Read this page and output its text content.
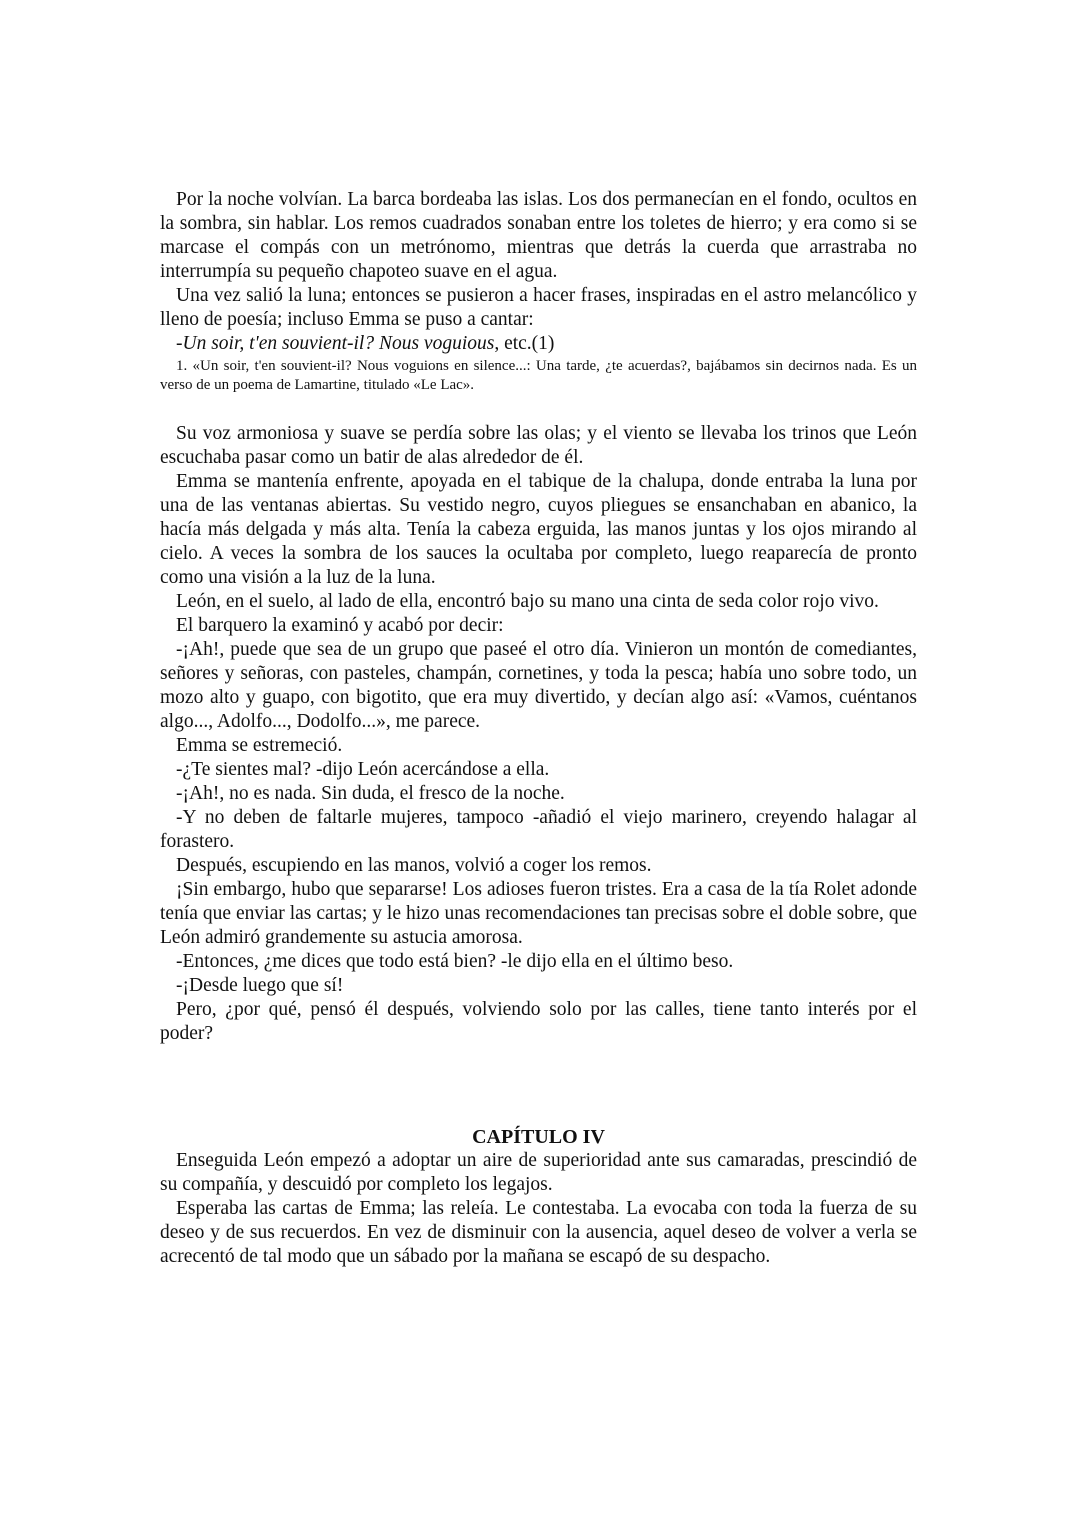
Por la noche volvían. La barca bordeaba las islas. Los dos permanecían en el fondo, ocultos en la sombra, sin hablar. Los remos cuadrados sonaban entre los toletes de hierro; y era como si se marcase el compás con un metrónomo, mientras que detrás la cuerda que arrastraba no interrumpía su pequeño chapoteo suave en el agua.

Una vez salió la luna; entonces se pusieron a hacer frases, inspiradas en el astro melancólico y lleno de poesía; incluso Emma se puso a cantar:

-Un soir, t'en souvient-il? Nous voguious, etc.(1)

1. «Un soir, t'en souvient-il? Nous voguions en silence...: Una tarde, ¿te acuerdas?, bajábamos sin decirnos nada. Es un verso de un poema de Lamartine, titulado «Le Lac».

Su voz armoniosa y suave se perdía sobre las olas; y el viento se llevaba los trinos que León escuchaba pasar como un batir de alas alrededor de él.

Emma se mantenía enfrente, apoyada en el tabique de la chalupa, donde entraba la luna por una de las ventanas abiertas. Su vestido negro, cuyos pliegues se ensanchaban en abanico, la hacía más delgada y más alta. Tenía la cabeza erguida, las manos juntas y los ojos mirando al cielo. A veces la sombra de los sauces la ocultaba por completo, luego reaparecía de pronto como una visión a la luz de la luna.

León, en el suelo, al lado de ella, encontró bajo su mano una cinta de seda color rojo vivo.

El barquero la examinó y acabó por decir:

-¡Ah!, puede que sea de un grupo que paseé el otro día. Vinieron un montón de comediantes, señores y señoras, con pasteles, champán, cornetines, y toda la pesca; había uno sobre todo, un mozo alto y guapo, con bigotito, que era muy divertido, y decían algo así: «Vamos, cuéntanos algo..., Adolfo..., Dodolfo...», me parece.

Emma se estremeció.

-¿Te sientes mal? -dijo León acercándose a ella.

-¡Ah!, no es nada. Sin duda, el fresco de la noche.

-Y no deben de faltarle mujeres, tampoco -añadió el viejo marinero, creyendo halagar al forastero.

Después, escupiendo en las manos, volvió a coger los remos.

¡Sin embargo, hubo que separarse! Los adioses fueron tristes. Era a casa de la tía Rolet adonde tenía que enviar las cartas; y le hizo unas recomendaciones tan precisas sobre el doble sobre, que León admiró grandemente su astucia amorosa.

-Entonces, ¿me dices que todo está bien? -le dijo ella en el último beso.

-¡Desde luego que sí!

Pero, ¿por qué, pensó él después, volviendo solo por las calles, tiene tanto interés por el poder?

CAPÍTULO IV

Enseguida León empezó a adoptar un aire de superioridad ante sus camaradas, prescindió de su compañía, y descuidó por completo los legajos.

Esperaba las cartas de Emma; las releía. Le contestaba. La evocaba con toda la fuerza de su deseo y de sus recuerdos. En vez de disminuir con la ausencia, aquel deseo de volver a verla se acrecentó de tal modo que un sábado por la mañana se escapó de su despacho.
